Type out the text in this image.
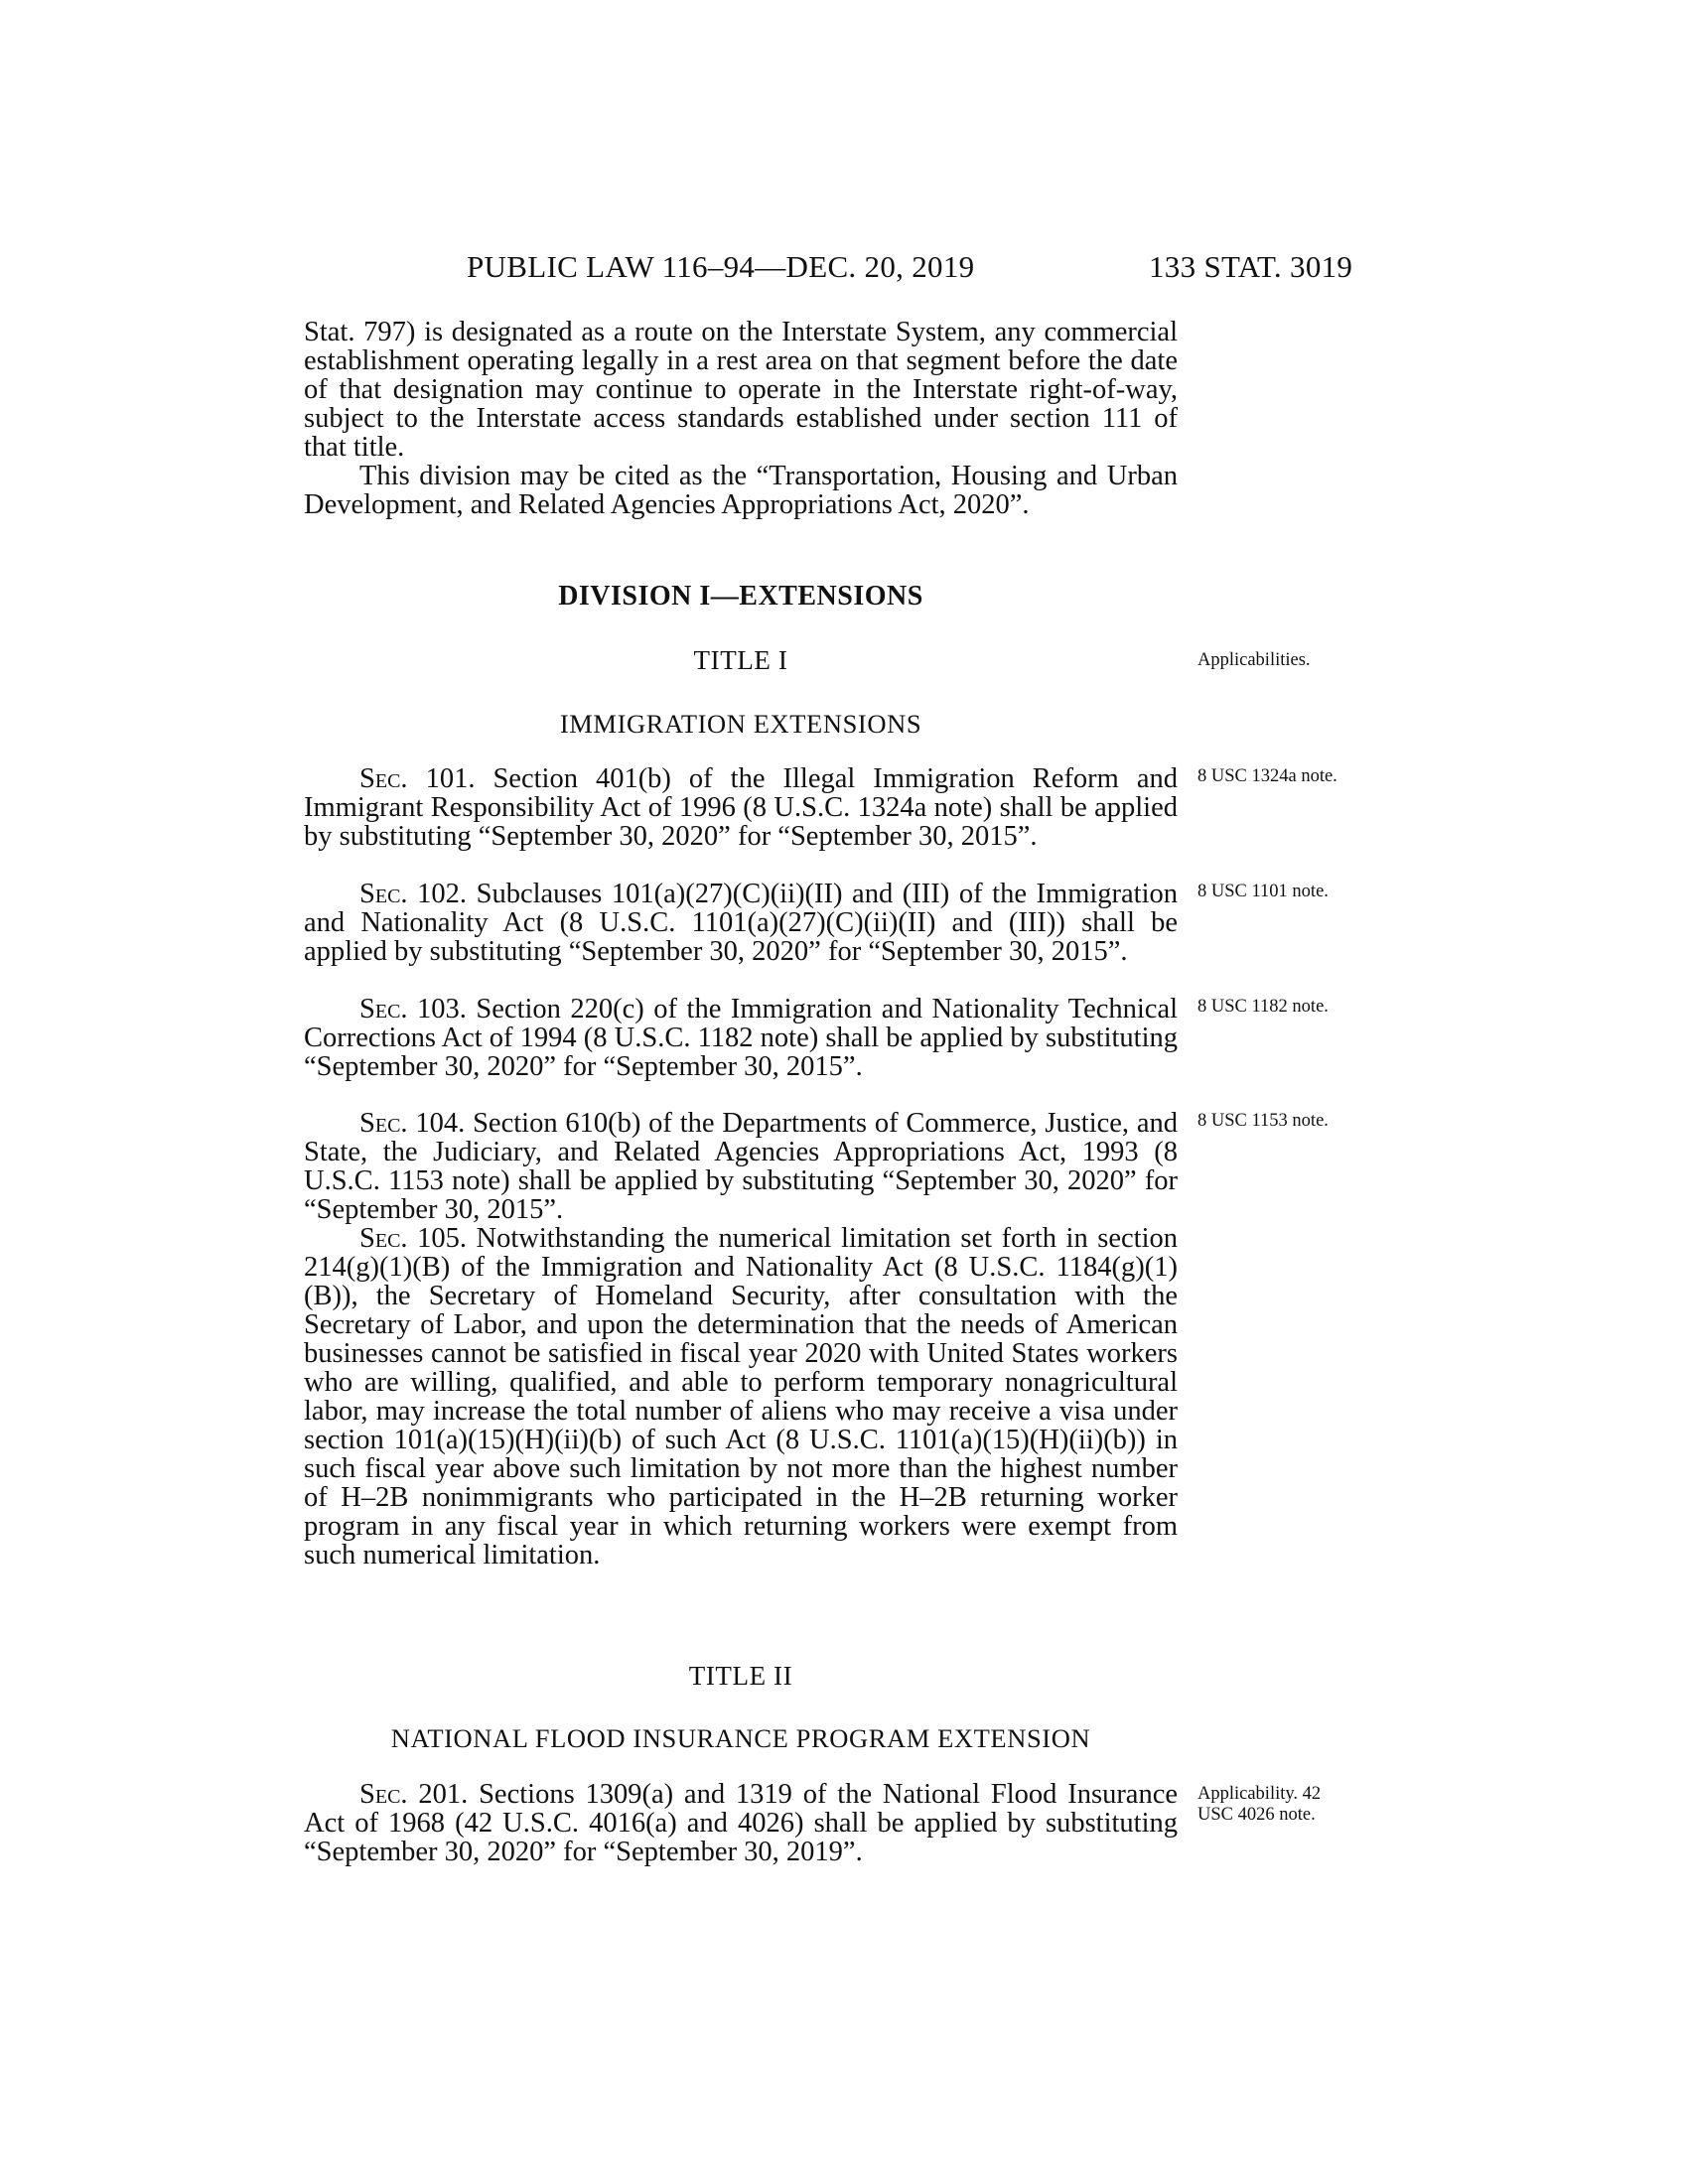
PUBLIC LAW 116–94—DEC. 20, 2019	133 STAT. 3019

Stat. 797) is designated as a route on the Interstate System, any commercial establishment operating legally in a rest area on that segment before the date of that designation may continue to operate in the Interstate right-of-way, subject to the Interstate access standards established under section 111 of that title.

This division may be cited as the “Transportation, Housing and Urban Development, and Related Agencies Appropriations Act, 2020”.

DIVISION I—EXTENSIONS
TITLE I	Applicabilities.
IMMIGRATION EXTENSIONS

Sec. 101. Section 401(b) of the Illegal Immigration Reform and Immigrant Responsibility Act of 1996 (8 U.S.C. 1324a note) shall be applied by substituting “September 30, 2020” for “September 30, 2015”.

8 USC 1324a note.

Sec. 102. Subclauses 101(a)(27)(C)(ii)(II) and (III) of the Immigration and Nationality Act (8 U.S.C. 1101(a)(27)(C)(ii)(II) and (III)) shall be applied by substituting “September 30, 2020” for “September 30, 2015”.

8 USC 1101 note.

Sec. 103. Section 220(c) of the Immigration and Nationality Technical Corrections Act of 1994 (8 U.S.C. 1182 note) shall be applied by substituting “September 30, 2020” for “September 30, 2015”.

8 USC 1182 note.

Sec. 104. Section 610(b) of the Departments of Commerce, Justice, and State, the Judiciary, and Related Agencies Appropriations Act, 1993 (8 U.S.C. 1153 note) shall be applied by substituting “September 30, 2020” for “September 30, 2015”.

8 USC 1153 note.

Sec. 105. Notwithstanding the numerical limitation set forth in section 214(g)(1)(B) of the Immigration and Nationality Act (8 U.S.C. 1184(g)(1)(B)), the Secretary of Homeland Security, after consultation with the Secretary of Labor, and upon the determination that the needs of American businesses cannot be satisfied in fiscal year 2020 with United States workers who are willing, qualified, and able to perform temporary nonagricultural labor, may increase the total number of aliens who may receive a visa under section 101(a)(15)(H)(ii)(b) of such Act (8 U.S.C. 1101(a)(15)(H)(ii)(b)) in such fiscal year above such limitation by not more than the highest number of H–2B nonimmigrants who participated in the H–2B returning worker program in any fiscal year in which returning workers were exempt from such numerical limitation.

TITLE II
NATIONAL FLOOD INSURANCE PROGRAM EXTENSION

Sec. 201. Sections 1309(a) and 1319 of the National Flood Insurance Act of 1968 (42 U.S.C. 4016(a) and 4026) shall be applied by substituting “September 30, 2020” for “September 30, 2019”.

Applicability. 42 USC 4026 note.
